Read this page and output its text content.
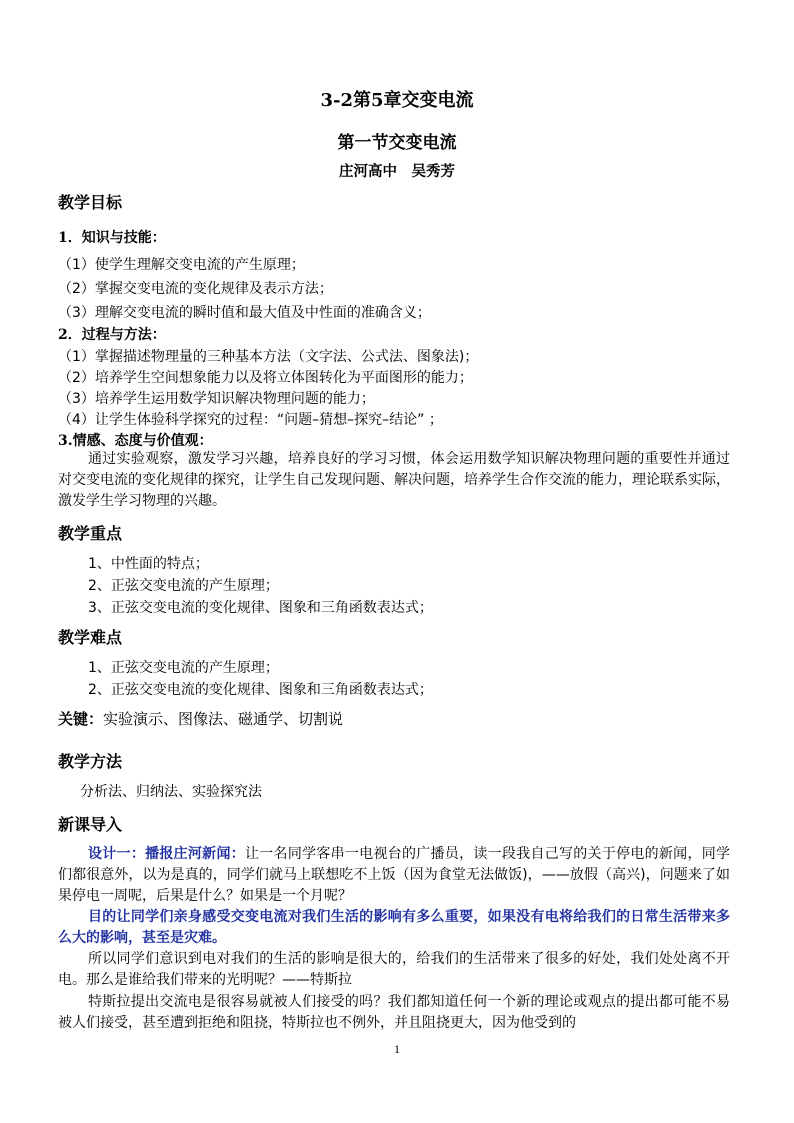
3-2第5章交变电流
第一节交变电流
庄河高中　吴秀芳
教学目标
1．知识与技能：
（1）使学生理解交变电流的产生原理；
（2）掌握交变电流的变化规律及表示方法；
（3）理解交变电流的瞬时值和最大值及中性面的准确含义；
2．过程与方法：
（1）掌握描述物理量的三种基本方法（文字法、公式法、图象法)；
（2）培养学生空间想象能力以及将立体图转化为平面图形的能力；
（3）培养学生运用数学知识解决物理问题的能力；
（4）让学生体验科学探究的过程：“问题–猜想–探究–结论” ；
3.情感、态度与价值观：
通过实验观察，激发学习兴趣，培养良好的学习习惯，体会运用数学知识解决物理问题的重要性并通过对交变电流的变化规律的探究，让学生自己发现问题、解决问题，培养学生合作交流的能力，理论联系实际，激发学生学习物理的兴趣。
教学重点
1、中性面的特点；
2、正弦交变电流的产生原理；
3、正弦交变电流的变化规律、图象和三角函数表达式；
教学难点
1、正弦交变电流的产生原理；
2、正弦交变电流的变化规律、图象和三角函数表达式；
关键：实验演示、图像法、磁通学、切割说
教学方法
分析法、归纳法、实验探究法
新课导入
设计一：播报庄河新闻：让一名同学客串一电视台的广播员，读一段我自己写的关于停电的新闻，同学们都很意外，以为是真的，同学们就马上联想吃不上饭（因为食堂无法做饭)，——放假（高兴)，问题来了如果停电一周呢，后果是什么？如果是一个月呢？
目的让同学们亲身感受交变电流对我们生活的影响有多么重要，如果没有电将给我们的日常生活带来多么大的影响，甚至是灾难。
所以同学们意识到电对我们的生活的影响是很大的，给我们的生活带来了很多的好处，我们处处离不开电。那么是谁给我们带来的光明呢？——特斯拉
特斯拉提出交流电是很容易就被人们接受的吗？我们都知道任何一个新的理论或观点的提出都可能不易被人们接受，甚至遭到拒绝和阻挠，特斯拉也不例外，并且阻挠更大，因为他受到的
1
